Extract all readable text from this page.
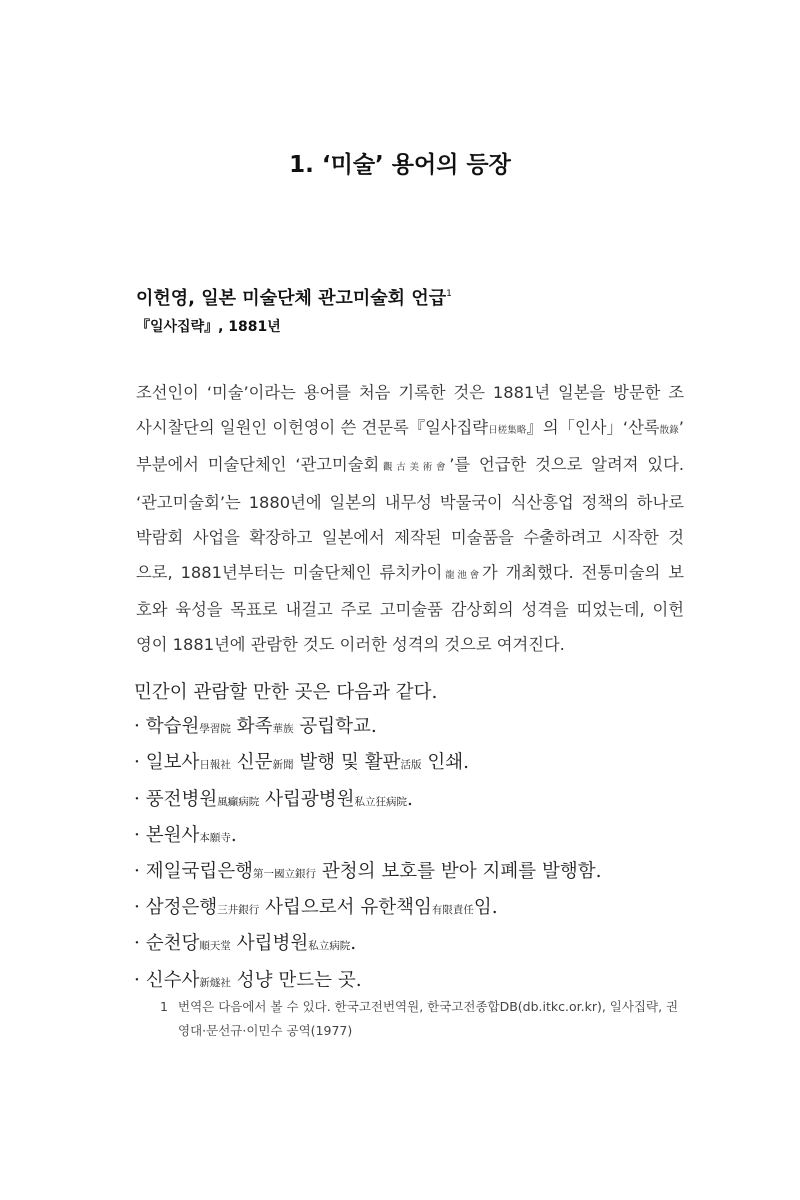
1. ‘미술’ 용어의 등장
이헌영, 일본 미술단체 관고미술회 언급$^1$
『일사집략』, 1881년
조선인이 ‘미술’이라는 용어를 처음 기록한 것은 1881년 일본을 방문한 조
사시찰단의 일원인 이헌영이 쓴 견문록『일사집략日槎集略』의「인사」‘산록散錄’
부분에서 미술단체인 ‘관고미술회觀古美術會’를 언급한 것으로 알려져 있다.
‘관고미술회’는 1880년에 일본의 내무성 박물국이 식산흥업 정책의 하나로
박람회 사업을 확장하고 일본에서 제작된 미술품을 수출하려고 시작한 것
으로, 1881년부터는 미술단체인 류치카이龍池會가 개최했다. 전통미술의 보
호와 육성을 목표로 내걸고 주로 고미술품 감상회의 성격을 띠었는데, 이헌
영이 1881년에 관람한 것도 이러한 성격의 것으로 여겨진다.
민간이 관람할 만한 곳은 다음과 같다.
· 학습원學習院 화족華族 공립학교.
· 일보사日報社 신문新聞 발행 및 활판活版 인쇄.
· 풍전병원風癲病院 사립광병원私立狂病院.
· 본원사本願寺.
· 제일국립은행第一國立銀行 관청의 보호를 받아 지폐를 발행함.
· 삼정은행三井銀行 사립으로서 유한책임有限責任임.
· 순천당順天堂 사립병원私立病院.
· 신수사新燧社 성냥 만드는 곳.
1 번역은 다음에서 볼 수 있다. 한국고전번역원, 한국고전종합DB(db.itkc.or.kr), 일사집략, 권영대·문선규·이민수 공역(1977)
